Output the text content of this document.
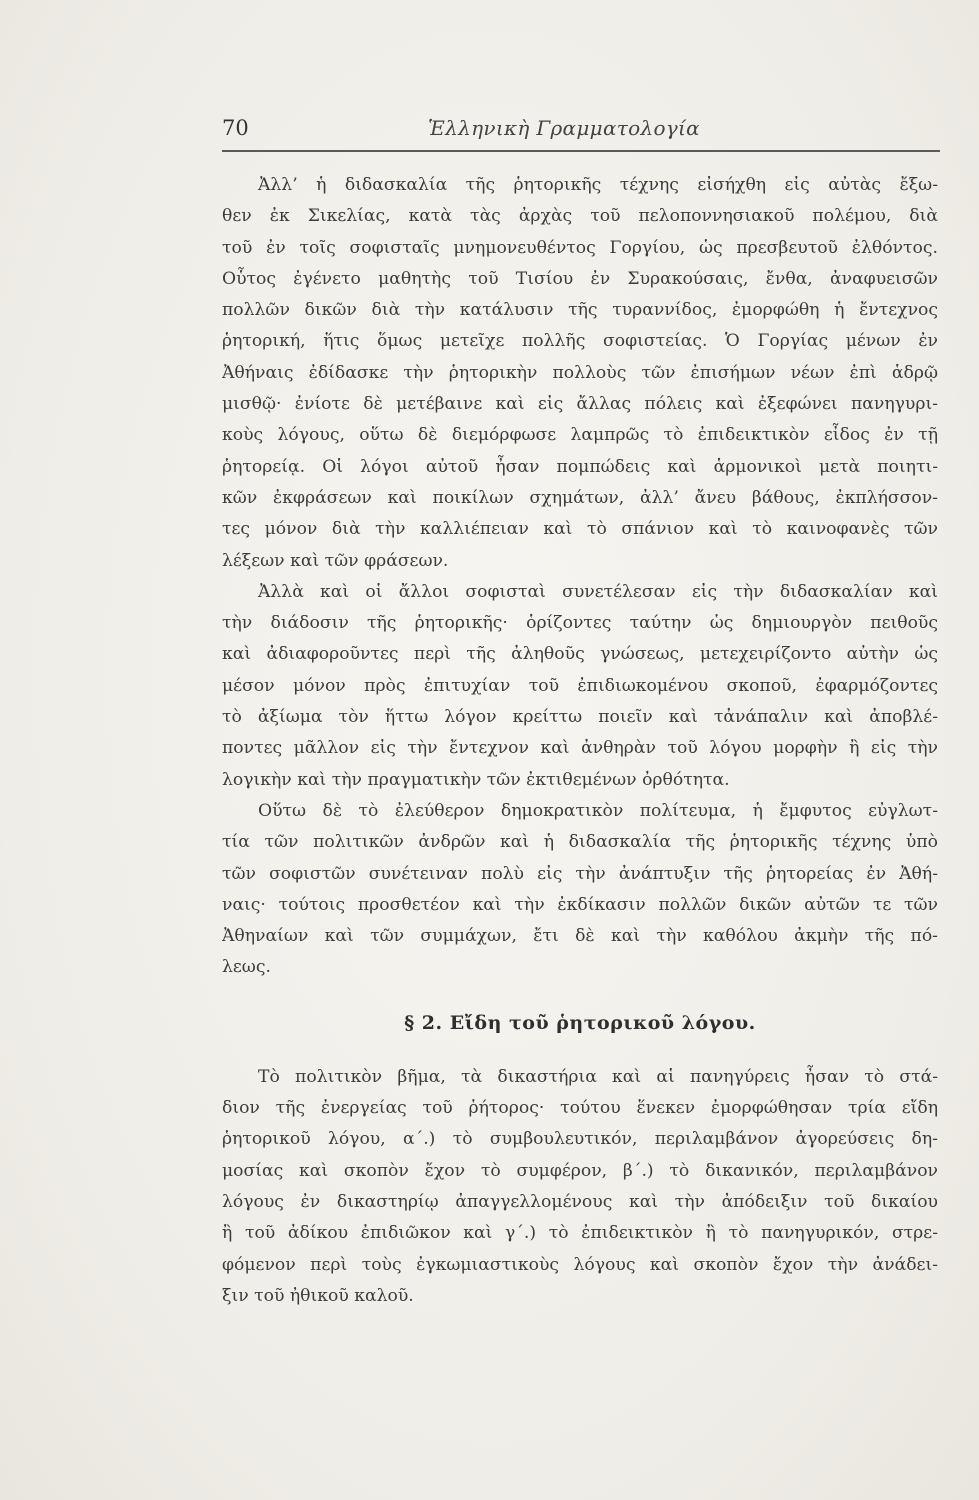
70	Ἑλληνικὴ Γραμματολογία
Ἀλλ’ ἡ διδασκαλία τῆς ῥητορικῆς τέχνης εἰσήχθη εἰς αὐτὰς ἔξω-
θεν ἐκ Σικελίας, κατὰ τὰς ἀρχὰς τοῦ πελοποννησιακοῦ πολέμου, διὰ
τοῦ ἐν τοῖς σοφισταῖς μνημονευθέντος Γοργίου, ὡς πρεσβευτοῦ ἐλθόντος.
Οὗτος ἐγένετο μαθητὴς τοῦ Τισίου ἐν Συρακούσαις, ἔνθα, ἀναφυεισῶν
πολλῶν δικῶν διὰ τὴν κατάλυσιν τῆς τυραννίδος, ἐμορφώθη ἡ ἔντεχνος
ῥητορική, ἥτις ὅμως μετεῖχε πολλῆς σοφιστείας. Ὁ Γοργίας μένων ἐν
Ἀθήναις ἐδίδασκε τὴν ῥητορικὴν πολλοὺς τῶν ἐπισήμων νέων ἐπὶ ἁδρῷ
μισθῷ· ἐνίοτε δὲ μετέβαινε καὶ εἰς ἄλλας πόλεις καὶ ἐξεφώνει πανηγυρι-
κοὺς λόγους, οὕτω δὲ διεμόρφωσε λαμπρῶς τὸ ἐπιδεικτικὸν εἶδος ἐν τῇ
ῥητορείᾳ. Οἱ λόγοι αὐτοῦ ἦσαν πομπώδεις καὶ ἁρμονικοὶ μετὰ ποιητι-
κῶν ἐκφράσεων καὶ ποικίλων σχημάτων, ἀλλ’ ἄνευ βάθους, ἐκπλήσσον-
τες μόνον διὰ τὴν καλλιέπειαν καὶ τὸ σπάνιον καὶ τὸ καινοφανὲς τῶν
λέξεων καὶ τῶν φράσεων.
Ἀλλὰ καὶ οἱ ἄλλοι σοφισταὶ συνετέλεσαν εἰς τὴν διδασκαλίαν καὶ
τὴν διάδοσιν τῆς ῥητορικῆς· ὁρίζοντες ταύτην ὡς δημιουργὸν πειθοῦς
καὶ ἀδιαφοροῦντες περὶ τῆς ἀληθοῦς γνώσεως, μετεχειρίζοντο αὐτὴν ὡς
μέσον μόνον πρὸς ἐπιτυχίαν τοῦ ἐπιδιωκομένου σκοποῦ, ἐφαρμόζοντες
τὸ ἀξίωμα τὸν ἥττω λόγον κρείττω ποιεῖν καὶ τἀνάπαλιν καὶ ἀποβλέ-
ποντες μᾶλλον εἰς τὴν ἔντεχνον καὶ ἀνθηρὰν τοῦ λόγου μορφὴν ἢ εἰς τὴν
λογικὴν καὶ τὴν πραγματικὴν τῶν ἐκτιθεμένων ὀρθότητα.
Οὕτω δὲ τὸ ἐλεύθερον δημοκρατικὸν πολίτευμα, ἡ ἔμφυτος εὐγλωτ-
τία τῶν πολιτικῶν ἀνδρῶν καὶ ἡ διδασκαλία τῆς ῥητορικῆς τέχνης ὑπὸ
τῶν σοφιστῶν συνέτειναν πολὺ εἰς τὴν ἀνάπτυξιν τῆς ῥητορείας ἐν Ἀθή-
ναις· τούτοις προσθετέον καὶ τὴν ἐκδίκασιν πολλῶν δικῶν αὐτῶν τε τῶν
Ἀθηναίων καὶ τῶν συμμάχων, ἔτι δὲ καὶ τὴν καθόλου ἀκμὴν τῆς πό-
λεως.
§ 2. Εἴδη τοῦ ῥητορικοῦ λόγου.
Τὸ πολιτικὸν βῆμα, τὰ δικαστήρια καὶ αἱ πανηγύρεις ἦσαν τὸ στά-
διον τῆς ἐνεργείας τοῦ ῥήτορος· τούτου ἕνεκεν ἐμορφώθησαν τρία εἴδη
ῥητορικοῦ λόγου, α΄.) τὸ συμβουλευτικόν, περιλαμβάνον ἀγορεύσεις δη-
μοσίας καὶ σκοπὸν ἔχον τὸ συμφέρον, β΄.) τὸ δικανικόν, περιλαμβάνον
λόγους ἐν δικαστηρίῳ ἀπαγγελλομένους καὶ τὴν ἀπόδειξιν τοῦ δικαίου
ἢ τοῦ ἀδίκου ἐπιδιῶκον καὶ γ΄.) τὸ ἐπιδεικτικὸν ἢ τὸ πανηγυρικόν, στρε-
φόμενον περὶ τοὺς ἐγκωμιαστικοὺς λόγους καὶ σκοπὸν ἔχον τὴν ἀνάδει-
ξιν τοῦ ἠθικοῦ καλοῦ.
